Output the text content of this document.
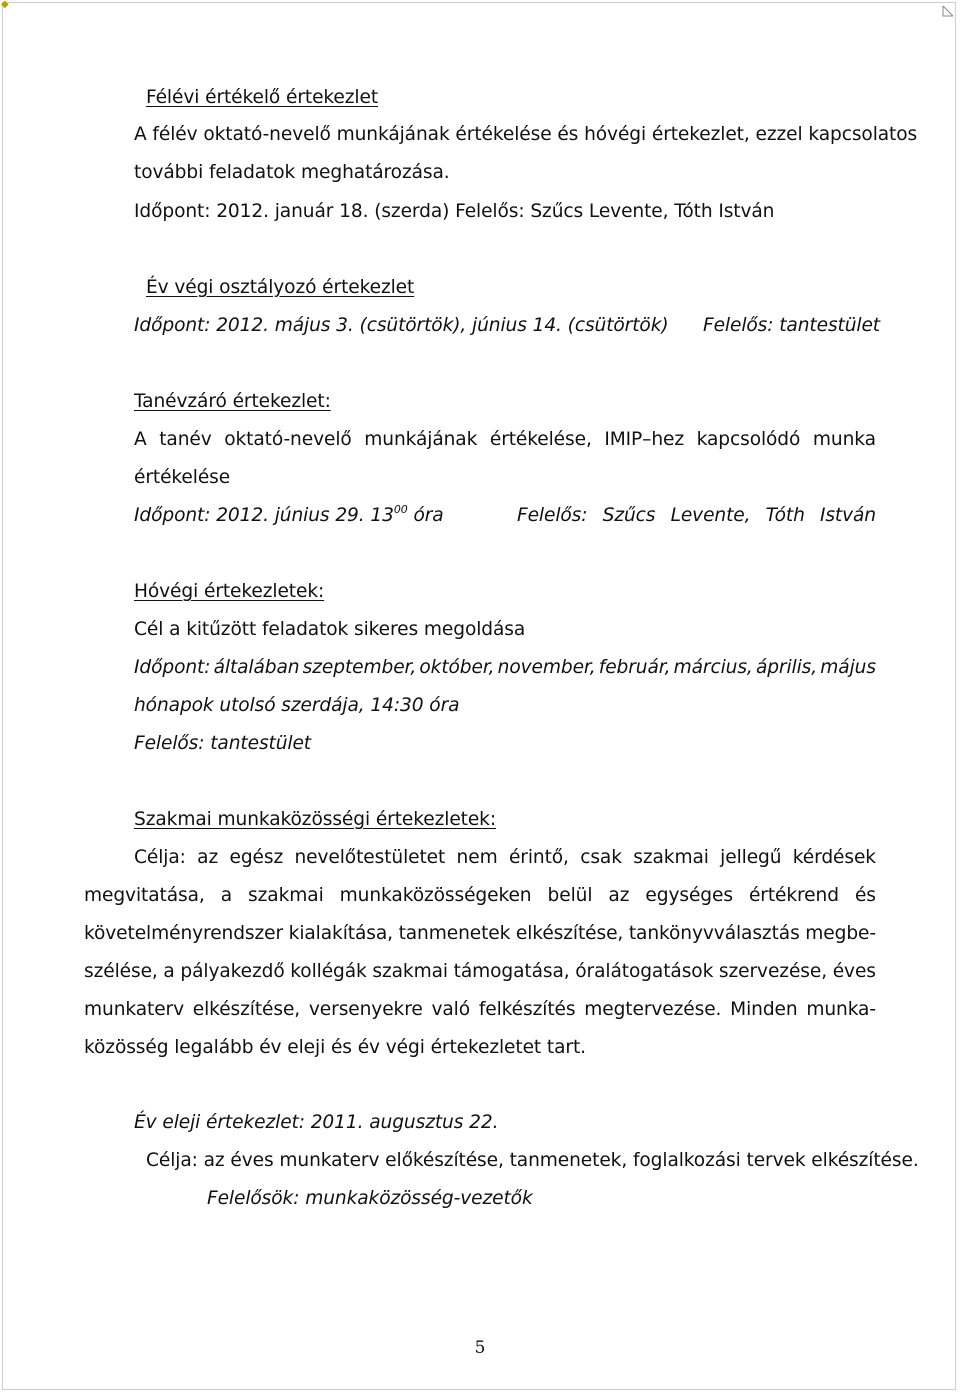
◆
Félévi értékelő értekezlet
A félév oktató-nevelő munkájának értékelése és hóvégi értekezlet, ezzel kapcsolatos
további feladatok meghatározása.
Időpont: 2012. január 18. (szerda) Felelős: Szűcs Levente, Tóth István
Év végi osztályozó értekezlet
Időpont: 2012. május 3. (csütörtök), június 14. (csütörtök) Felelős: tantestület
Tanévzáró értekezlet:
A tanév oktató-nevelő munkájának értékelése, IMIP–hez kapcsolódó munka
értékelése
Időpont: 2012. június 29. $13^{00}$ óra	Felelős: Szűcs Levente, Tóth István
Hóvégi értekezletek:
Cél a kitűzött feladatok sikeres megoldása
Időpont: általában szeptember, október, november, február, március, április, május
hónapok utolsó szerdája, 14:30 óra
Felelős: tantestület
Szakmai munkaközösségi értekezletek:
Célja: az egész nevelőtestületet nem érintő, csak szakmai jellegű kérdések
megvitatása, a szakmai munkaközösségeken belül az egységes értékrend és
követelményrendszer kialakítása, tanmenetek elkészítése, tankönyvválasztás megbe-
szélése, a pályakezdő kollégák szakmai támogatása, óralátogatások szervezése, éves
munkaterv elkészítése, versenyekre való felkészítés megtervezése. Minden munka-
közösség legalább év eleji és év végi értekezletet tart.
Év eleji értekezlet: 2011. augusztus 22.
Célja: az éves munkaterv előkészítése, tanmenetek, foglalkozási tervek elkészítése.
Felelősök: munkaközösség-vezetők
5
